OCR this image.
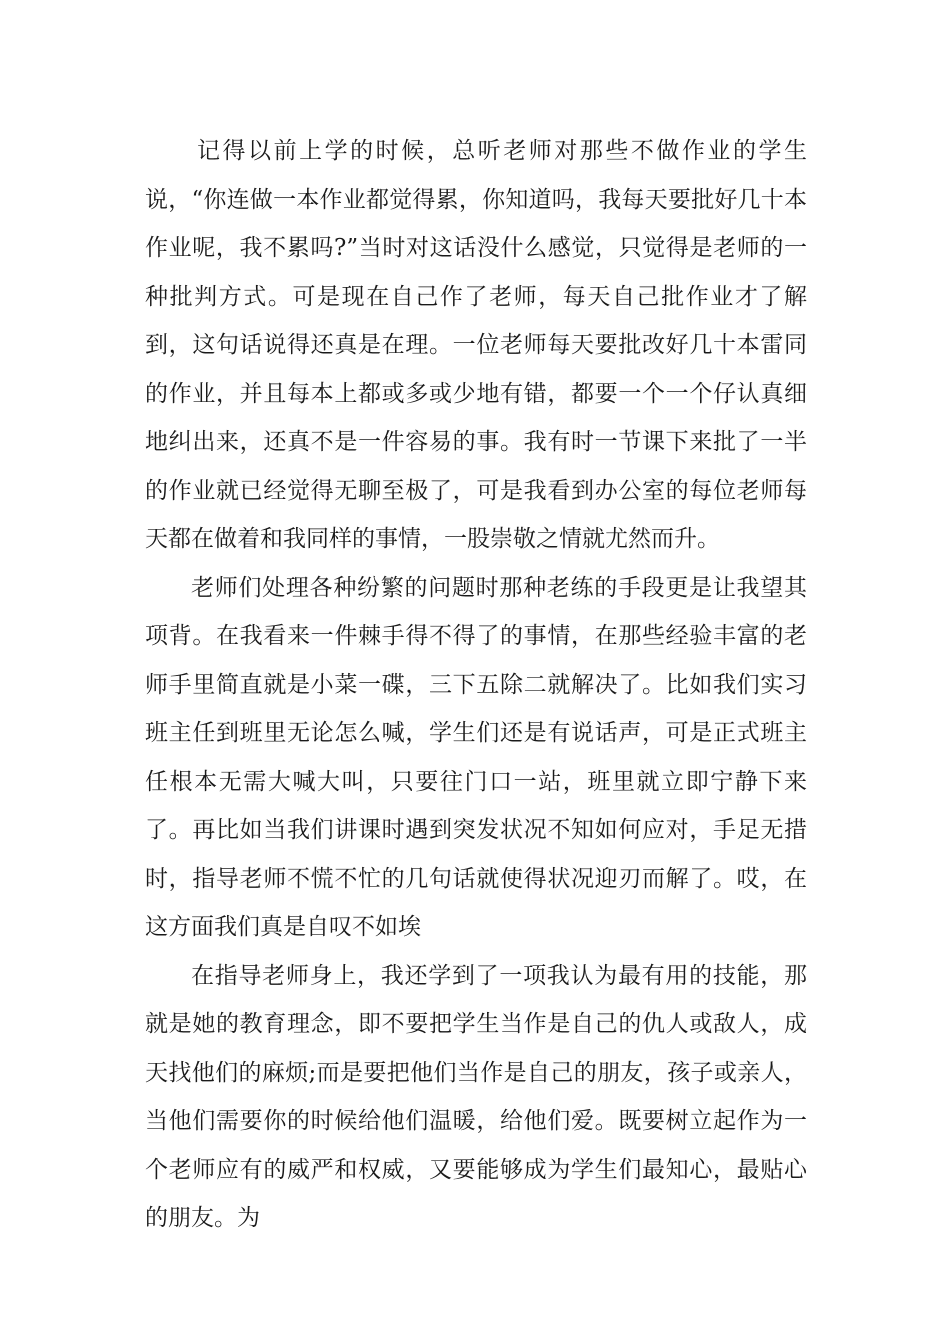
记得以前上学的时候，总听老师对那些不做作业的学生说，“你连做一本作业都觉得累，你知道吗，我每天要批好几十本作业呢，我不累吗?”当时对这话没什么感觉，只觉得是老师的一种批判方式。可是现在自己作了老师，每天自己批作业才了解到，这句话说得还真是在理。一位老师每天要批改好几十本雷同的作业，并且每本上都或多或少地有错，都要一个一个仔认真细地纠出来，还真不是一件容易的事。我有时一节课下来批了一半的作业就已经觉得无聊至极了，可是我看到办公室的每位老师每天都在做着和我同样的事情，一股崇敬之情就尤然而升。

老师们处理各种纷繁的问题时那种老练的手段更是让我望其项背。在我看来一件棘手得不得了的事情，在那些经验丰富的老师手里简直就是小菜一碟，三下五除二就解决了。比如我们实习班主任到班里无论怎么喊，学生们还是有说话声，可是正式班主任根本无需大喊大叫，只要往门口一站，班里就立即宁静下来了。再比如当我们讲课时遇到突发状况不知如何应对，手足无措时，指导老师不慌不忙的几句话就使得状况迎刃而解了。哎，在这方面我们真是自叹不如埃

在指导老师身上，我还学到了一项我认为最有用的技能，那就是她的教育理念，即不要把学生当作是自己的仇人或敌人，成天找他们的麻烦;而是要把他们当作是自己的朋友，孩子或亲人，当他们需要你的时候给他们温暖，给他们爱。既要树立起作为一个老师应有的威严和权威，又要能够成为学生们最知心，最贴心的朋友。为
